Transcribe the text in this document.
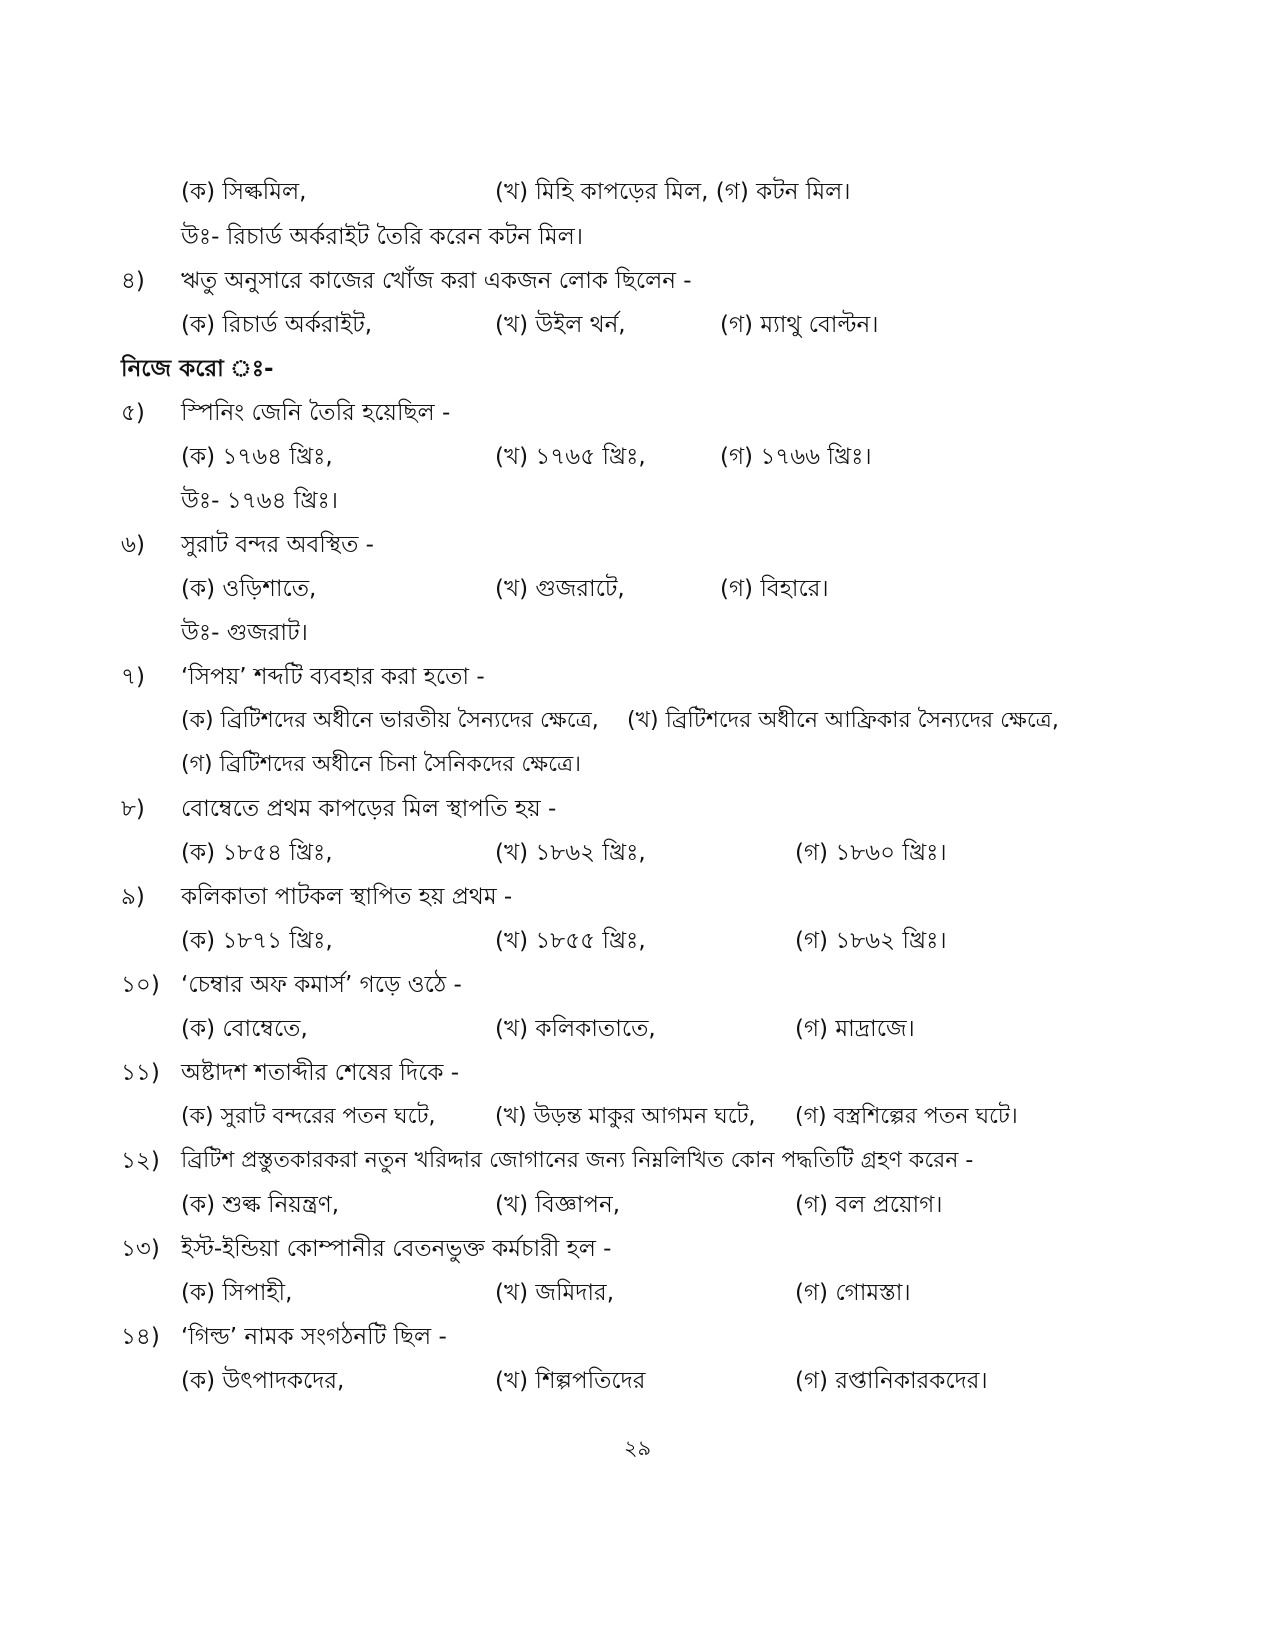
(ক) সিল্কমিল,	(খ) মিহি কাপড়ের মিল, (গ) কটন মিল।
উঃ- রিচার্ড অর্করাইট তৈরি করেন কটন মিল।
৪) ঋতু অনুসারে কাজের খোঁজ করা একজন লোক ছিলেন -
(ক) রিচার্ড অর্করাইট,	(খ) উইল থর্ন,	(গ) ম্যাথু বোল্টন।
নিজে করো ঃ-
৫) স্পিনিং জেনি তৈরি হয়েছিল -
(ক) ১৭৬৪ খ্রিঃ,	(খ) ১৭৬৫ খ্রিঃ,	(গ) ১৭৬৬ খ্রিঃ।
উঃ- ১৭৬৪ খ্রিঃ।
৬) সুরাট বন্দর অবস্থিত -
(ক) ওড়িশাতে,	(খ) গুজরাটে,	(গ) বিহারে।
উঃ- গুজরাট।
৭) ‘সিপয়’ শব্দটি ব্যবহার করা হতো -
(ক) ব্রিটিশদের অধীনে ভারতীয় সৈন্যদের ক্ষেত্রে, (খ) ব্রিটিশদের অধীনে আফ্রিকার সৈন্যদের ক্ষেত্রে,
(গ) ব্রিটিশদের অধীনে চিনা সৈনিকদের ক্ষেত্রে।
৮) বোম্বেতে প্রথম কাপড়ের মিল স্থাপতি হয় -
(ক) ১৮৫৪ খ্রিঃ,	(খ) ১৮৬২ খ্রিঃ,	(গ) ১৮৬০ খ্রিঃ।
৯) কলিকাতা পাটকল স্থাপিত হয় প্রথম -
(ক) ১৮৭১ খ্রিঃ,	(খ) ১৮৫৫ খ্রিঃ,	(গ) ১৮৬২ খ্রিঃ।
১০) ‘চেম্বার অফ কমার্স’ গড়ে ওঠে -
(ক) বোম্বেতে,	(খ) কলিকাতাতে,	(গ) মাদ্রাজে।
১১) অষ্টাদশ শতাব্দীর শেষের দিকে -
(ক) সুরাট বন্দরের পতন ঘটে,	(খ) উড়ন্ত মাকুর আগমন ঘটে, (গ) বস্ত্রশিল্পের পতন ঘটে।
১২) ব্রিটিশ প্রস্তুতকারকরা নতুন খরিদ্দার জোগানের জন্য নিম্নলিখিত কোন পদ্ধতিটি গ্রহণ করেন -
(ক) শুল্ক নিয়ন্ত্রণ,	(খ) বিজ্ঞাপন,	(গ) বল প্রয়োগ।
১৩) ইস্ট-ইন্ডিয়া কোম্পানীর বেতনভুক্ত কর্মচারী হল -
(ক) সিপাহী,	(খ) জমিদার,	(গ) গোমস্তা।
১৪) ‘গিল্ড’ নামক সংগঠনটি ছিল -
(ক) উৎপাদকদের,	(খ) শিল্পপতিদের	(গ) রপ্তানিকারকদের।
২৯
